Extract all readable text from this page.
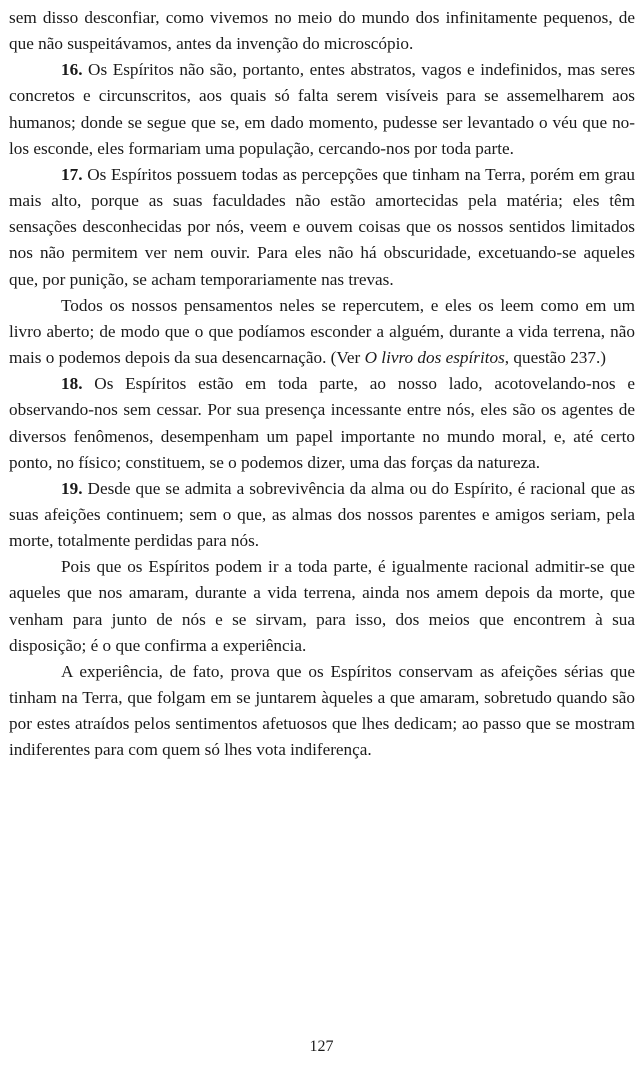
sem disso desconfiar, como vivemos no meio do mundo dos infinitamente pequenos, de que não suspeitávamos, antes da invenção do microscópio.

16. Os Espíritos não são, portanto, entes abstratos, vagos e indefinidos, mas seres concretos e circunscritos, aos quais só falta serem visíveis para se assemelharem aos humanos; donde se segue que se, em dado momento, pudesse ser levantado o véu que no-los esconde, eles formariam uma população, cercando-nos por toda parte.

17. Os Espíritos possuem todas as percepções que tinham na Terra, porém em grau mais alto, porque as suas faculdades não estão amortecidas pela matéria; eles têm sensações desconhecidas por nós, veem e ouvem coisas que os nossos sentidos limitados nos não permitem ver nem ouvir. Para eles não há obscuridade, excetuando-se aqueles que, por punição, se acham temporariamente nas trevas.

Todos os nossos pensamentos neles se repercutem, e eles os leem como em um livro aberto; de modo que o que podíamos esconder a alguém, durante a vida terrena, não mais o podemos depois da sua desencarnação. (Ver O livro dos espíritos, questão 237.)

18. Os Espíritos estão em toda parte, ao nosso lado, acotovelando-nos e observando-nos sem cessar. Por sua presença incessante entre nós, eles são os agentes de diversos fenômenos, desempenham um papel importante no mundo moral, e, até certo ponto, no físico; constituem, se o podemos dizer, uma das forças da natureza.

19. Desde que se admita a sobrevivência da alma ou do Espírito, é racional que as suas afeições continuem; sem o que, as almas dos nossos parentes e amigos seriam, pela morte, totalmente perdidas para nós.

Pois que os Espíritos podem ir a toda parte, é igualmente racional admitir-se que aqueles que nos amaram, durante a vida terrena, ainda nos amem depois da morte, que venham para junto de nós e se sirvam, para isso, dos meios que encontrem à sua disposição; é o que confirma a experiência.

A experiência, de fato, prova que os Espíritos conservam as afeições sérias que tinham na Terra, que folgam em se juntarem àqueles a que amaram, sobretudo quando são por estes atraídos pelos sentimentos afetuosos que lhes dedicam; ao passo que se mostram indiferentes para com quem só lhes vota indiferença.

127
